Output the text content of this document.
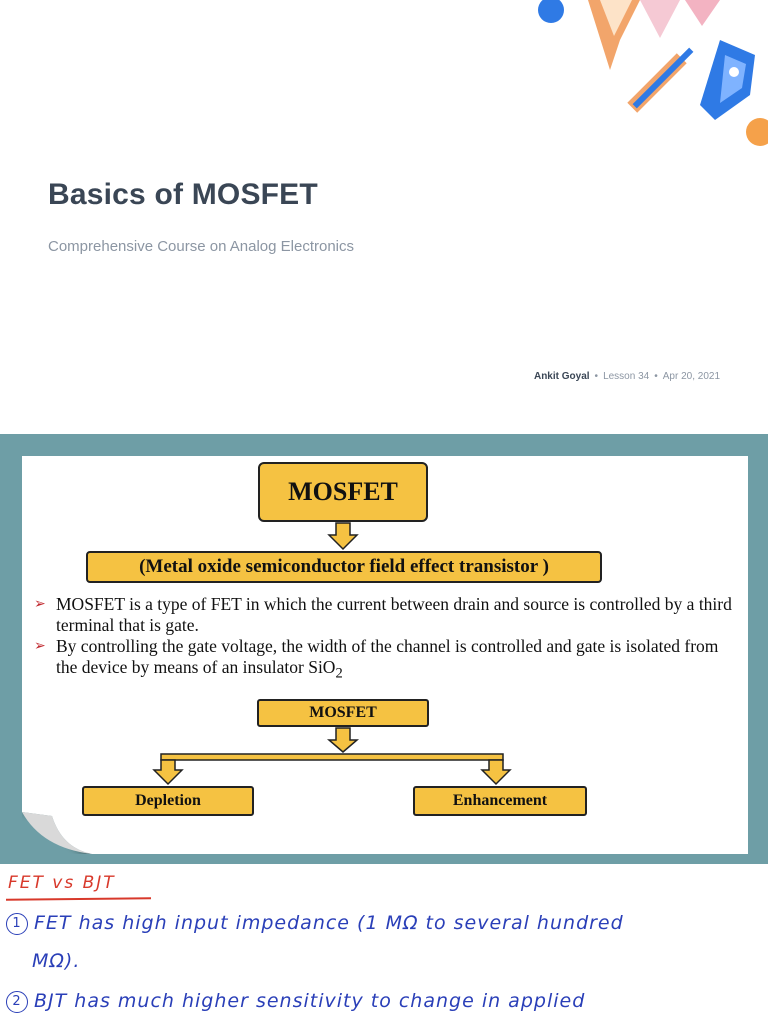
Basics of MOSFET
Comprehensive Course on Analog Electronics
Ankit Goyal • Lesson 34 • Apr 20, 2021
MOSFET
(Metal oxide semiconductor field effect transistor )
➢ MOSFET is a type of FET in which the current between drain and source is controlled by a third terminal that is gate.
➢ By controlling the gate voltage, the width of the channel is controlled and gate is isolated from the device by means of an insulator SiO$_2$
MOSFET
Depletion	Enhancement
FET vs BJT
1 FET has high input impedance (1 MΩ to several hundred
MΩ).
2 BJT has much higher sensitivity to change in applied
